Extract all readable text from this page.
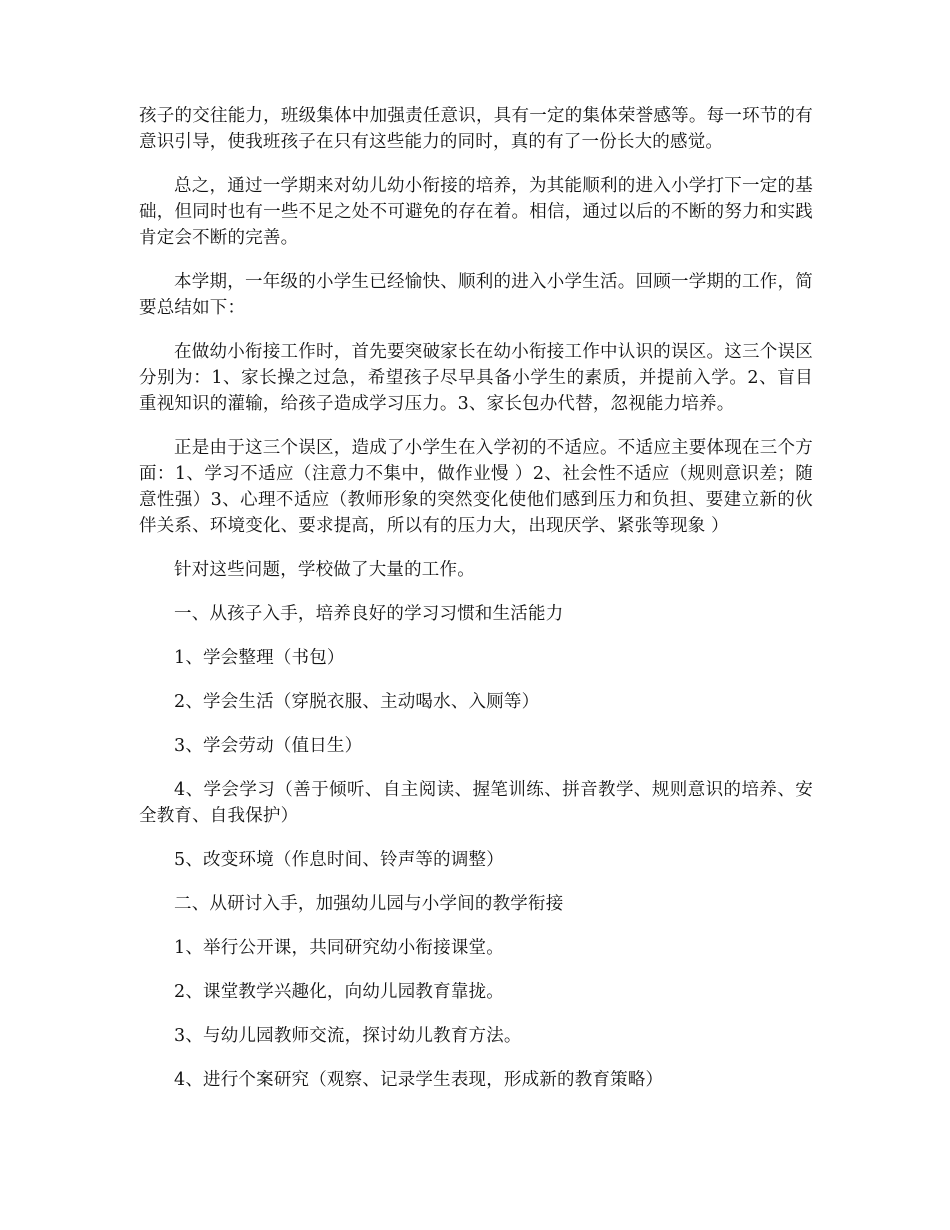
孩子的交往能力，班级集体中加强责任意识，具有一定的集体荣誉感等。每一环节的有意识引导，使我班孩子在只有这些能力的同时，真的有了一份长大的感觉。

总之，通过一学期来对幼儿幼小衔接的培养，为其能顺利的进入小学打下一定的基础，但同时也有一些不足之处不可避免的存在着。相信，通过以后的不断的努力和实践肯定会不断的完善。

本学期，一年级的小学生已经愉快、顺利的进入小学生活。回顾一学期的工作，简要总结如下：

在做幼小衔接工作时，首先要突破家长在幼小衔接工作中认识的误区。这三个误区分别为：1、家长操之过急，希望孩子尽早具备小学生的素质，并提前入学。2、盲目重视知识的灌输，给孩子造成学习压力。3、家长包办代替，忽视能力培养。

正是由于这三个误区，造成了小学生在入学初的不适应。不适应主要体现在三个方面：1、学习不适应（注意力不集中，做作业慢 ）2、社会性不适应（规则意识差；随意性强）3、心理不适应（教师形象的突然变化使他们感到压力和负担、要建立新的伙伴关系、环境变化、要求提高，所以有的压力大，出现厌学、紧张等现象 ）

针对这些问题，学校做了大量的工作。

一、从孩子入手，培养良好的学习习惯和生活能力

1、学会整理（书包）

2、学会生活（穿脱衣服、主动喝水、入厕等）

3、学会劳动（值日生）

4、学会学习（善于倾听、自主阅读、握笔训练、拼音教学、规则意识的培养、安全教育、自我保护）

5、改变环境（作息时间、铃声等的调整）

二、从研讨入手，加强幼儿园与小学间的教学衔接

1、举行公开课，共同研究幼小衔接课堂。

2、课堂教学兴趣化，向幼儿园教育靠拢。

3、与幼儿园教师交流，探讨幼儿教育方法。

4、进行个案研究（观察、记录学生表现，形成新的教育策略）
